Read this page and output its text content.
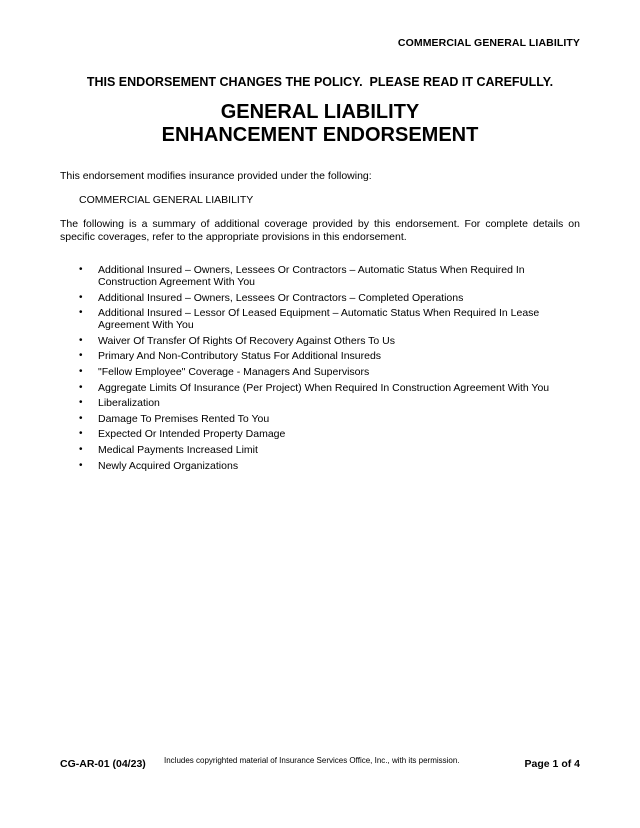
COMMERCIAL GENERAL LIABILITY
THIS ENDORSEMENT CHANGES THE POLICY.  PLEASE READ IT CAREFULLY.
GENERAL LIABILITY
ENHANCEMENT ENDORSEMENT
This endorsement modifies insurance provided under the following:
COMMERCIAL GENERAL LIABILITY
The following is a summary of additional coverage provided by this endorsement. For complete details on specific coverages, refer to the appropriate provisions in this endorsement.
• Additional Insured – Owners, Lessees Or Contractors – Automatic Status When Required In Construction Agreement With You
• Additional Insured – Owners, Lessees Or Contractors – Completed Operations
• Additional Insured – Lessor Of Leased Equipment – Automatic Status When Required In Lease Agreement With You
• Waiver Of Transfer Of Rights Of Recovery Against Others To Us
• Primary And Non-Contributory Status For Additional Insureds
• "Fellow Employee" Coverage - Managers And Supervisors
• Aggregate Limits Of Insurance (Per Project) When Required In Construction Agreement With You
• Liberalization
• Damage To Premises Rented To You
• Expected Or Intended Property Damage
• Medical Payments Increased Limit
• Newly Acquired Organizations
CG-AR-01 (04/23) Includes copyrighted material of Insurance Services Office, Inc., with its permission.	Page 1 of 4
